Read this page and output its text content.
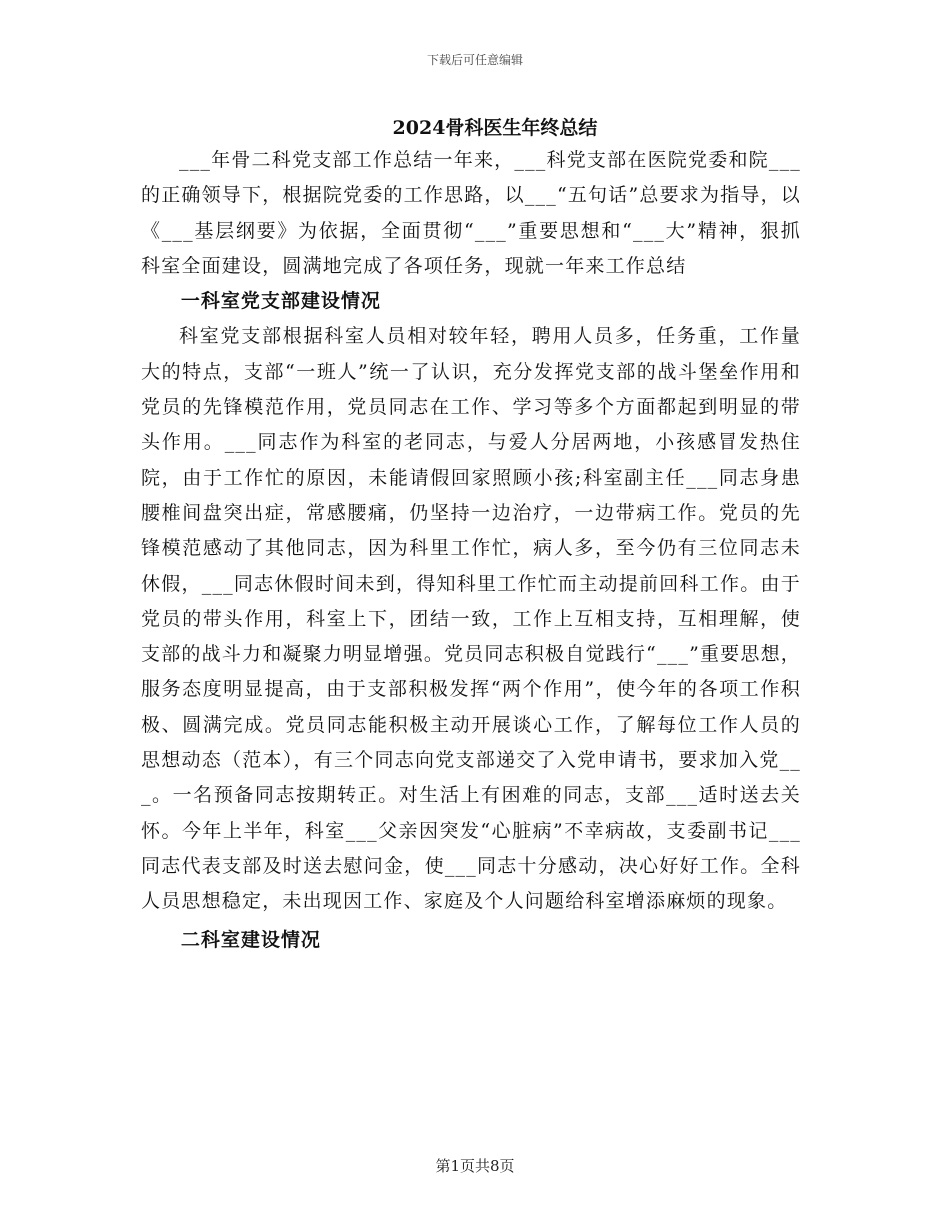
下载后可任意编辑
2024骨科医生年终总结

___年骨二科党支部工作总结一年来，___科党支部在医院党委和院___的正确领导下，根据院党委的工作思路，以___“五句话”总要求为指导，以《___基层纲要》为依据，全面贯彻“___”重要思想和“___大”精神，狠抓科室全面建设，圆满地完成了各项任务，现就一年来工作总结

一科室党支部建设情况

科室党支部根据科室人员相对较年轻，聘用人员多，任务重，工作量大的特点，支部“一班人”统一了认识，充分发挥党支部的战斗堡垒作用和党员的先锋模范作用，党员同志在工作、学习等多个方面都起到明显的带头作用。___同志作为科室的老同志，与爱人分居两地，小孩感冒发热住院，由于工作忙的原因，未能请假回家照顾小孩;科室副主任___同志身患腰椎间盘突出症，常感腰痛，仍坚持一边治疗，一边带病工作。党员的先锋模范感动了其他同志，因为科里工作忙，病人多，至今仍有三位同志未休假，___同志休假时间未到，得知科里工作忙而主动提前回科工作。由于党员的带头作用，科室上下，团结一致，工作上互相支持，互相理解，使支部的战斗力和凝聚力明显增强。党员同志积极自觉践行“___”重要思想，服务态度明显提高，由于支部积极发挥“两个作用”，使今年的各项工作积极、圆满完成。党员同志能积极主动开展谈心工作，了解每位工作人员的思想动态（范本），有三个同志向党支部递交了入党申请书，要求加入党___。一名预备同志按期转正。对生活上有困难的同志，支部___适时送去关怀。今年上半年，科室___父亲因突发“心脏病”不幸病故，支委副书记___同志代表支部及时送去慰问金，使___同志十分感动，决心好好工作。全科人员思想稳定，未出现因工作、家庭及个人问题给科室增添麻烦的现象。

二科室建设情况

第1页共8页
